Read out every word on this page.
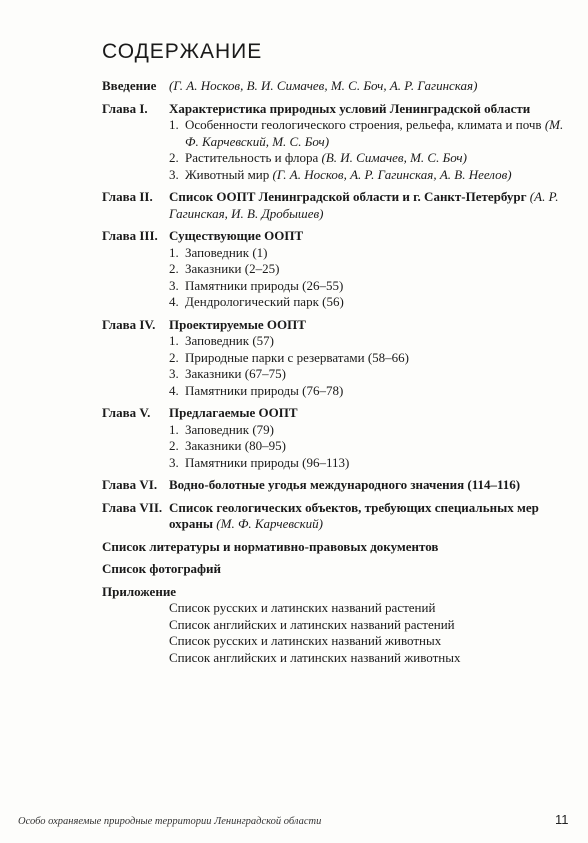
СОДЕРЖАНИЕ
Введение (Г. А. Носков, В. И. Симачев, М. С. Боч, А. Р. Гагинская)
Глава I.	Характеристика природных условий Ленинградской области
1. Особенности геологического строения, рельефа, климата и почв (М. Ф. Карчевский, М. С. Боч)
2. Растительность и флора (В. И. Симачев, М. С. Боч)
3. Животный мир (Г. А. Носков, А. Р. Гагинская, А. В. Неелов)
Глава II.	Список ООПТ Ленинградской области и г. Санкт-Петербург (А. Р. Гагинская, И. В. Дробышев)
Глава III. Существующие ООПТ
1. Заповедник (1)
2. Заказники (2–25)
3. Памятники природы (26–55)
4. Дендрологический парк (56)
Глава IV.	Проектируемые ООПТ
1. Заповедник (57)
2. Природные парки с резерватами (58–66)
3. Заказники (67–75)
4. Памятники природы (76–78)
Глава V.	Предлагаемые ООПТ
1. Заповедник (79)
2. Заказники (80–95)
3. Памятники природы (96–113)
Глава VI. Водно-болотные угодья международного значения (114–116)
Глава VII. Список геологических объектов, требующих специальных мер охраны (М. Ф. Карчевский)
Список литературы и нормативно-правовых документов
Список фотографий
Приложение
Список русских и латинских названий растений
Список английских и латинских названий растений
Список русских и латинских названий животных
Список английских и латинских названий животных
Особо охраняемые природные территории Ленинградской области	11
